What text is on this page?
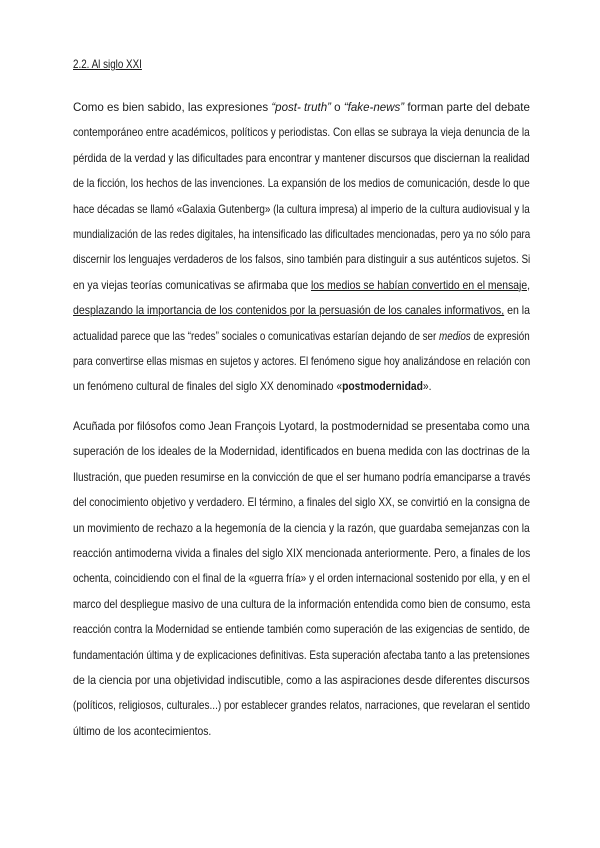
2.2. Al siglo XXI
Como es bien sabido, las expresiones “post- truth” o “fake-news” forman parte del debate
contemporáneo entre académicos, políticos y periodistas. Con ellas se subraya la vieja denuncia de la
pérdida de la verdad y las dificultades para encontrar y mantener discursos que disciernan la realidad
de la ficción, los hechos de las invenciones. La expansión de los medios de comunicación, desde lo que
hace décadas se llamó «Galaxia Gutenberg» (la cultura impresa) al imperio de la cultura audiovisual y la
mundialización de las redes digitales, ha intensificado las dificultades mencionadas, pero ya no sólo para
discernir los lenguajes verdaderos de los falsos, sino también para distinguir a sus auténticos sujetos. Si
en ya viejas teorías comunicativas se afirmaba que los medios se habían convertido en el mensaje,
desplazando la importancia de los contenidos por la persuasión de los canales informativos, en la
actualidad parece que las “redes” sociales o comunicativas estarían dejando de ser medios de expresión
para convertirse ellas mismas en sujetos y actores. El fenómeno sigue hoy analizándose en relación con
un fenómeno cultural de finales del siglo XX denominado «postmodernidad».
Acuñada por filósofos como Jean François Lyotard, la postmodernidad se presentaba como una
superación de los ideales de la Modernidad, identificados en buena medida con las doctrinas de la
Ilustración, que pueden resumirse en la convicción de que el ser humano podría emanciparse a través
del conocimiento objetivo y verdadero. El término, a finales del siglo XX, se convirtió en la consigna de
un movimiento de rechazo a la hegemonía de la ciencia y la razón, que guardaba semejanzas con la
reacción antimoderna vivida a finales del siglo XIX mencionada anteriormente. Pero, a finales de los
ochenta, coincidiendo con el final de la «guerra fría» y el orden internacional sostenido por ella, y en el
marco del despliegue masivo de una cultura de la información entendida como bien de consumo, esta
reacción contra la Modernidad se entiende también como superación de las exigencias de sentido, de
fundamentación última y de explicaciones definitivas. Esta superación afectaba tanto a las pretensiones
de la ciencia por una objetividad indiscutible, como a las aspiraciones desde diferentes discursos
(políticos, religiosos, culturales...) por establecer grandes relatos, narraciones, que revelaran el sentido
último de los acontecimientos.
